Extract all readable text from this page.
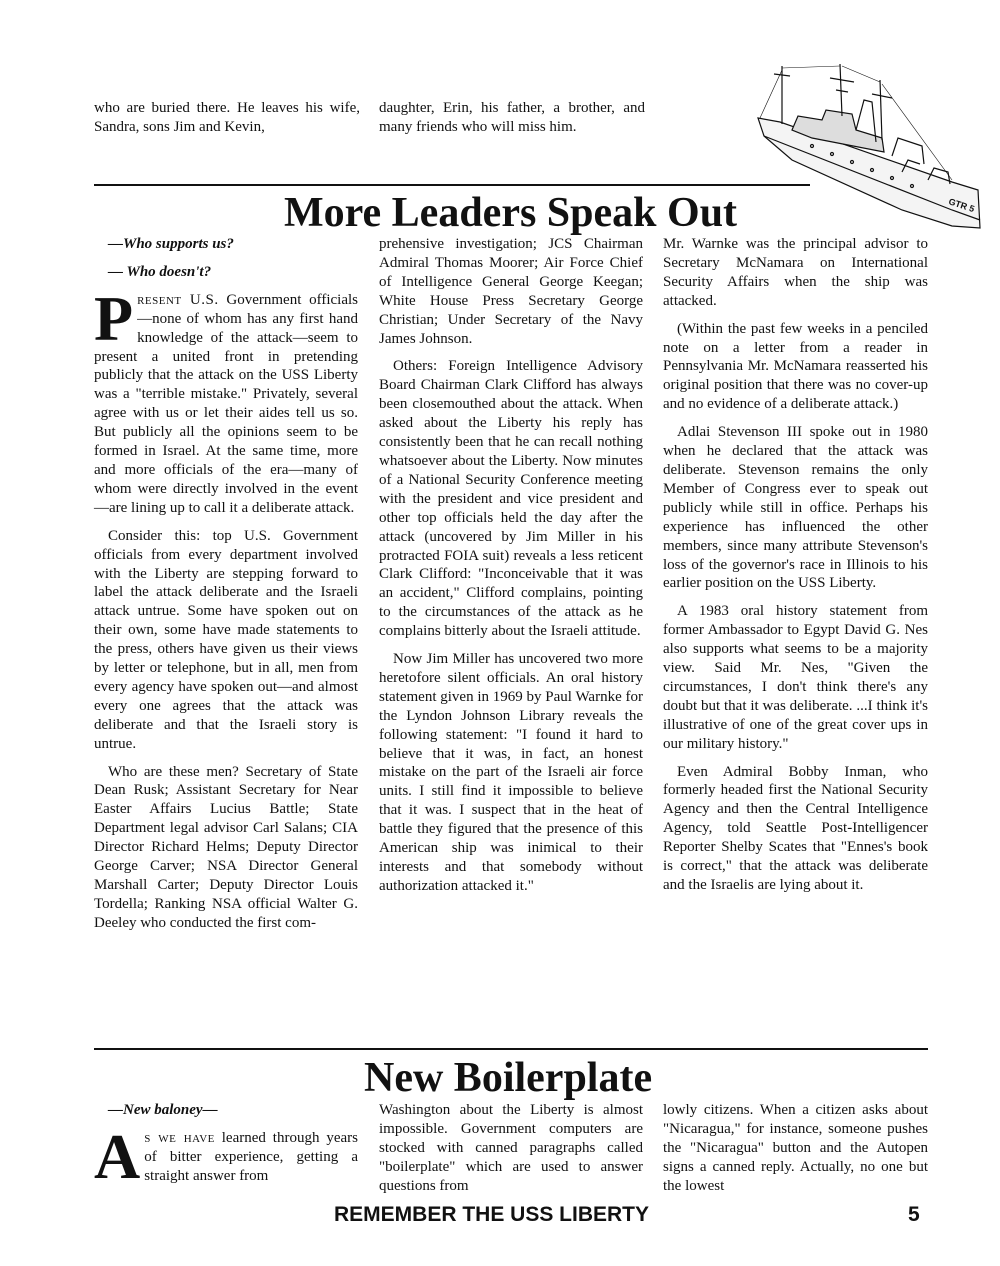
who are buried there. He leaves his wife, Sandra, sons Jim and Kevin,

daughter, Erin, his father, a brother, and many friends who will miss him.

GTR 5
More Leaders Speak Out

—Who supports us?

— Who doesn't?

Present U.S. Government officials—none of whom has any first hand knowledge of the attack—seem to present a united front in pretending publicly that the attack on the USS Liberty was a "terrible mistake." Privately, several agree with us or let their aides tell us so. But publicly all the opinions seem to be formed in Israel. At the same time, more and more officials of the era—many of whom were directly involved in the event—are lining up to call it a deliberate attack.

Consider this: top U.S. Government officials from every department involved with the Liberty are stepping forward to label the attack deliberate and the Israeli attack untrue. Some have spoken out on their own, some have made statements to the press, others have given us their views by letter or telephone, but in all, men from every agency have spoken out—and almost every one agrees that the attack was deliberate and that the Israeli story is untrue.

Who are these men? Secretary of State Dean Rusk; Assistant Secretary for Near Easter Affairs Lucius Battle; State Department legal advisor Carl Salans; CIA Director Richard Helms; Deputy Director George Carver; NSA Director General Marshall Carter; Deputy Director Louis Tordella; Ranking NSA official Walter G. Deeley who conducted the first com-

prehensive investigation; JCS Chairman Admiral Thomas Moorer; Air Force Chief of Intelligence General George Keegan; White House Press Secretary George Christian; Under Secretary of the Navy James Johnson.

Others: Foreign Intelligence Advisory Board Chairman Clark Clifford has always been closemouthed about the attack. When asked about the Liberty his reply has consistently been that he can recall nothing whatsoever about the Liberty. Now minutes of a National Security Conference meeting with the president and vice president and other top officials held the day after the attack (uncovered by Jim Miller in his protracted FOIA suit) reveals a less reticent Clark Clifford: "Inconceivable that it was an accident," Clifford complains, pointing to the circumstances of the attack as he complains bitterly about the Israeli attitude.

Now Jim Miller has uncovered two more heretofore silent officials. An oral history statement given in 1969 by Paul Warnke for the Lyndon Johnson Library reveals the following statement: "I found it hard to believe that it was, in fact, an honest mistake on the part of the Israeli air force units. I still find it impossible to believe that it was. I suspect that in the heat of battle they figured that the presence of this American ship was inimical to their interests and that somebody without authorization attacked it."

Mr. Warnke was the principal advisor to Secretary McNamara on International Security Affairs when the ship was attacked.

(Within the past few weeks in a penciled note on a letter from a reader in Pennsylvania Mr. McNamara reasserted his original position that there was no cover-up and no evidence of a deliberate attack.)

Adlai Stevenson III spoke out in 1980 when he declared that the attack was deliberate. Stevenson remains the only Member of Congress ever to speak out publicly while still in office. Perhaps his experience has influenced the other members, since many attribute Stevenson's loss of the governor's race in Illinois to his earlier position on the USS Liberty.

A 1983 oral history statement from former Ambassador to Egypt David G. Nes also supports what seems to be a majority view. Said Mr. Nes, "Given the circumstances, I don't think there's any doubt but that it was deliberate. ...I think it's illustrative of one of the great cover ups in our military history."

Even Admiral Bobby Inman, who formerly headed first the National Security Agency and then the Central Intelligence Agency, told Seattle Post-Intelligencer Reporter Shelby Scates that "Ennes's book is correct," that the attack was deliberate and the Israelis are lying about it.

New Boilerplate

—New baloney—

As we have learned through years of bitter experience, getting a straight answer from

Washington about the Liberty is almost impossible. Government computers are stocked with canned paragraphs called "boilerplate" which are used to answer questions from

lowly citizens. When a citizen asks about "Nicaragua," for instance, someone pushes the "Nicaragua" button and the Autopen signs a canned reply. Actually, no one but the lowest

REMEMBER THE USS LIBERTY	5
